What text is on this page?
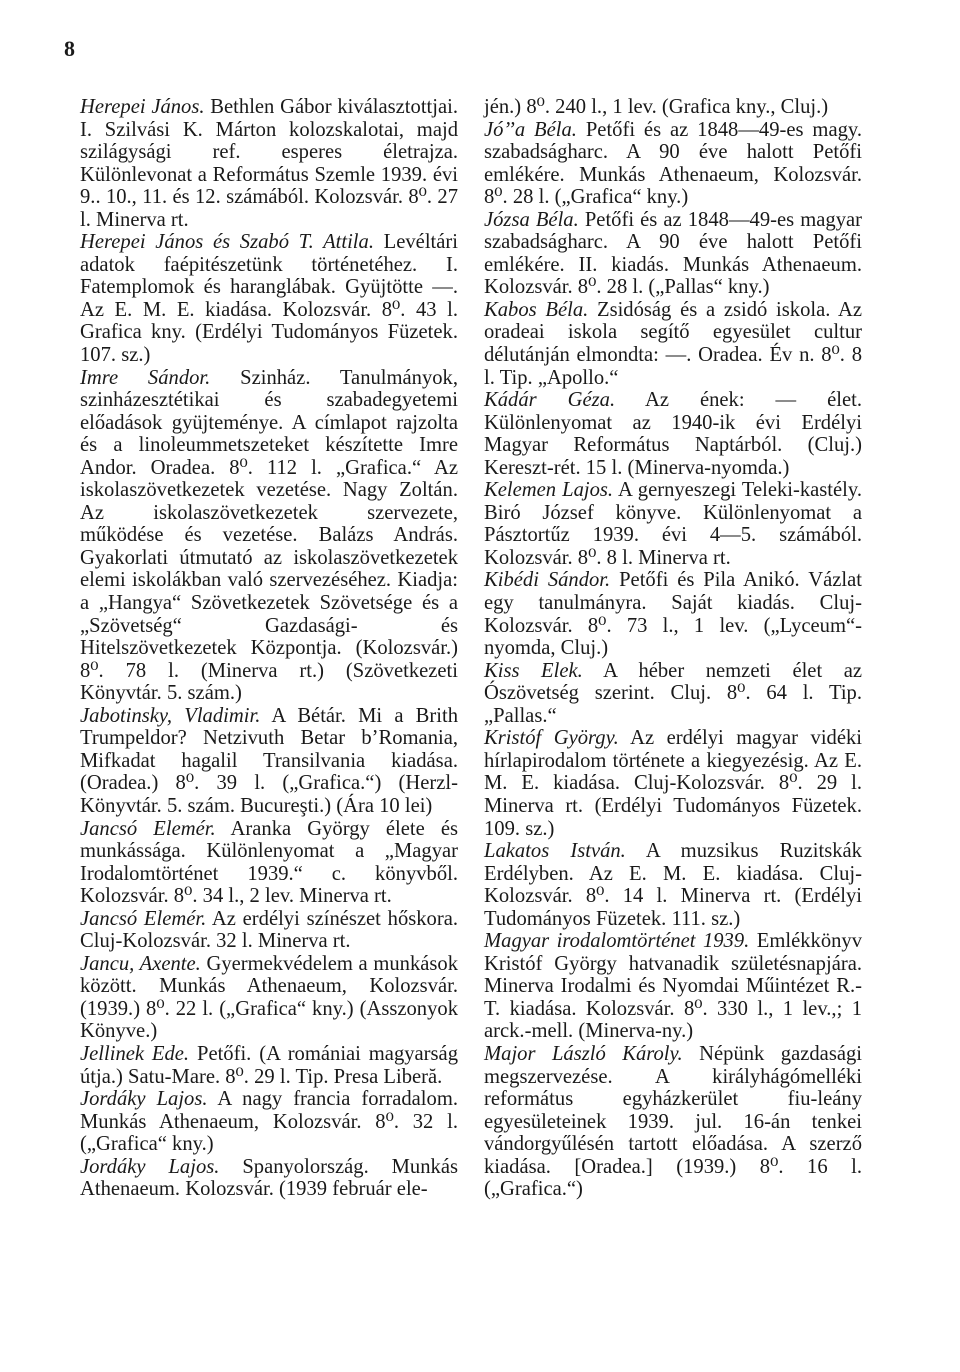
8

Herepei János. Bethlen Gábor kiválasztottjai. I. Szilvási K. Márton kolozskalotai, majd szilágysági ref. esperes életrajza. Különlevonat a Református Szemle 1939. évi 9.. 10., 11. és 12. számából. Kolozsvár. 8⁰. 27 l. Minerva rt.

Herepei János és Szabó T. Attila. Levéltári adatok faépitészetünk történetéhez. I. Fatemplomok és haranglábak. Gyüjtötte —. Az E. M. E. kiadása. Kolozsvár. 8⁰. 43 l. Grafica kny. (Erdélyi Tudományos Füzetek. 107. sz.)

Imre Sándor. Szinház. Tanulmányok, szinházesztétikai és szabadegyetemi előadások gyüjteménye. A címlapot rajzolta és a linoleummetszeteket készítette Imre Andor. Oradea. 8⁰. 112 l. „Grafica.“ Az iskolaszövetkezetek vezetése. Nagy Zoltán. Az iskolaszövetkezetek szervezete, működése és vezetése. Balázs András. Gyakorlati útmutató az iskolaszövetkezetek elemi iskolákban való szervezéséhez. Kiadja: a „Hangya“ Szövetkezetek Szövetsége és a „Szövetség“ Gazdasági- és Hitelszövetkezetek Központja. (Kolozsvár.) 8⁰. 78 l. (Minerva rt.) (Szövetkezeti Könyvtár. 5. szám.)

Jabotinsky, Vladimir. A Bétár. Mi a Brith Trumpeldor? Netzivuth Betar b’Romania, Mifkadat hagalil Transilvania kiadása. (Oradea.) 8⁰. 39 l. („Grafica.“) (Herzl-Könyvtár. 5. szám. Bucureşti.) (Ára 10 lei)

Jancsó Elemér. Aranka György élete és munkássága. Különlenyomat a „Magyar Irodalomtörténet 1939.“ c. könyvből. Kolozsvár. 8⁰. 34 l., 2 lev. Minerva rt.

Jancsó Elemér. Az erdélyi színészet hőskora. Cluj-Kolozsvár. 32 l. Minerva rt.

Jancu, Axente. Gyermekvédelem a munkások között. Munkás Athenaeum, Kolozsvár. (1939.) 8⁰. 22 l. („Grafica“ kny.) (Asszonyok Könyve.)

Jellinek Ede. Petőfi. (A romániai magyarság útja.) Satu-Mare. 8⁰. 29 l. Tip. Presa Liberă.

Jordáky Lajos. A nagy francia forradalom. Munkás Athenaeum, Kolozsvár. 8⁰. 32 l. („Grafica“ kny.)

Jordáky Lajos. Spanyolország. Munkás Athenaeum. Kolozsvár. (1939 február ele-

jén.) 8⁰. 240 l., 1 lev. (Grafica kny., Cluj.)

Jó’’a Béla. Petőfi és az 1848—49-es magy. szabadságharc. A 90 éve halott Petőfi emlékére. Munkás Athenaeum, Kolozsvár. 8⁰. 28 l. („Grafica“ kny.)

Józsa Béla. Petőfi és az 1848—49-es magyar szabadságharc. A 90 éve halott Petőfi emlékére. II. kiadás. Munkás Athenaeum. Kolozsvár. 8⁰. 28 l. („Pallas“ kny.)

Kabos Béla. Zsidóság és a zsidó iskola. Az oradeai iskola segítő egyesület cultur délutánján elmondta: —. Oradea. Év n. 8⁰. 8 l. Tip. „Apollo.“

Kádár Géza. Az ének: — élet. Különlenyomat az 1940-ik évi Erdélyi Magyar Református Naptárból. (Cluj.) Kereszt-rét. 15 l. (Minerva-nyomda.)

Kelemen Lajos. A gernyeszegi Teleki-kastély. Biró József könyve. Különlenyomat a Pásztortűz 1939. évi 4—5. számából. Kolozsvár. 8⁰. 8 l. Minerva rt.

Kibédi Sándor. Petőfi és Pila Anikó. Vázlat egy tanulmányra. Saját kiadás. Cluj-Kolozsvár. 8⁰. 73 l., 1 lev. („Lyceum“-nyomda, Cluj.)

Kiss Elek. A héber nemzeti élet az Ószövetség szerint. Cluj. 8⁰. 64 l. Tip. „Pallas.“

Kristóf György. Az erdélyi magyar vidéki hírlapirodalom története a kiegyezésig. Az E. M. E. kiadása. Cluj-Kolozsvár. 8⁰. 29 l. Minerva rt. (Erdélyi Tudományos Füzetek. 109. sz.)

Lakatos István. A muzsikus Ruzitskák Erdélyben. Az E. M. E. kiadása. Cluj-Kolozsvár. 8⁰. 14 l. Minerva rt. (Erdélyi Tudományos Füzetek. 111. sz.)

Magyar irodalomtörténet 1939. Emlékkönyv Kristóf György hatvanadik születésnapjára. Minerva Irodalmi és Nyomdai Műintézet R.-T. kiadása. Kolozsvár. 8⁰. 330 l., 1 lev.,; 1 arck.-mell. (Minerva-ny.)

Major László Károly. Népünk gazdasági megszervezése. A királyhágómelléki református egyházkerület fiu-leány egyesületeinek 1939. jul. 16-án tenkei vándorgyűlésén tartott előadása. A szerző kiadása. [Oradea.] (1939.) 8⁰. 16 l. („Grafica.“)
